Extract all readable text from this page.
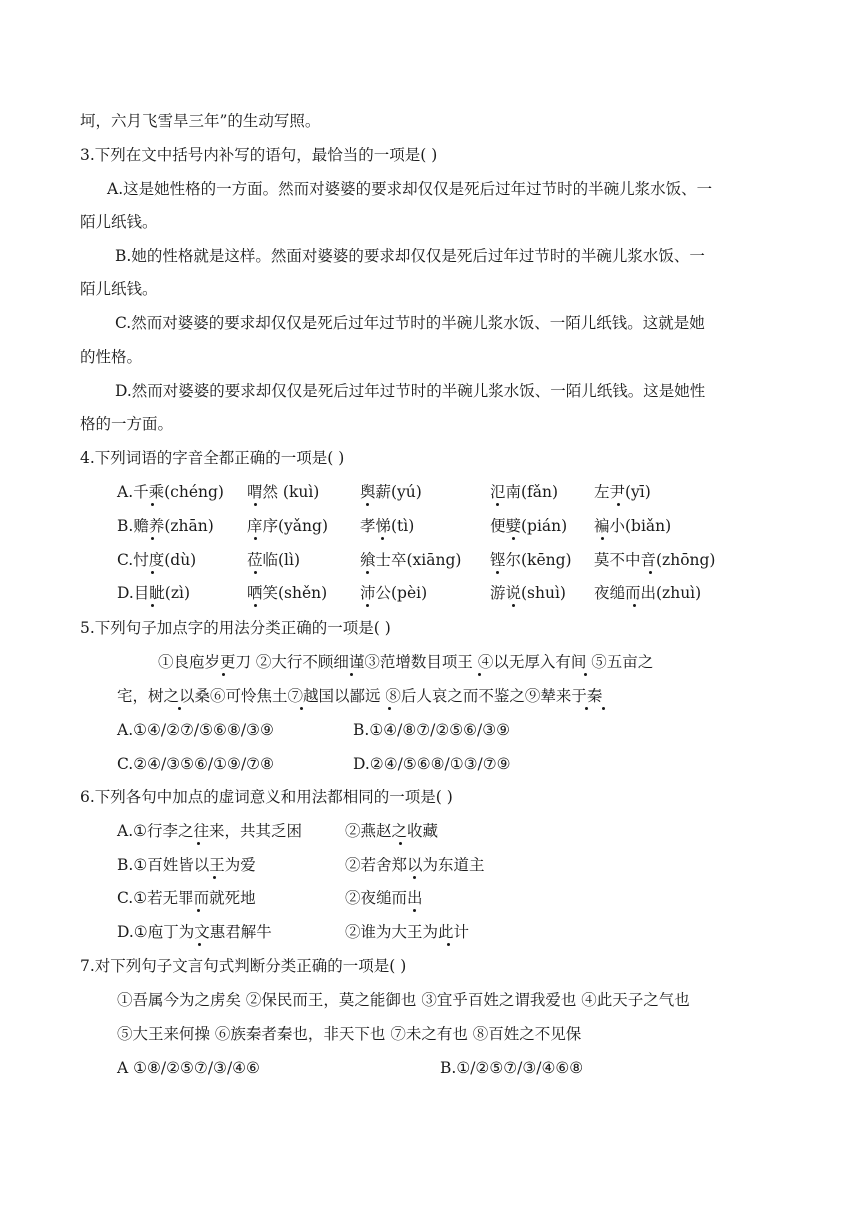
坷，六月飞雪旱三年”的生动写照。
3.下列在文中括号内补写的语句，最恰当的一项是( )
A.这是她性格的一方面。然而对婆婆的要求却仅仅是死后过年过节时的半碗儿浆水饭、一
陌儿纸钱。
B.她的性格就是这样。然面对婆婆的要求却仅仅是死后过年过节时的半碗儿浆水饭、一
陌儿纸钱。
C.然而对婆婆的要求却仅仅是死后过年过节时的半碗儿浆水饭、一陌儿纸钱。这就是她
的性格。
D.然而对婆婆的要求却仅仅是死后过年过节时的半碗儿浆水饭、一陌儿纸钱。这是她性
格的一方面。
4.下列词语的字音全都正确的一项是( )
A.千乘(chéng) 喟然 (kuì)	舆薪(yú)	氾南(fǎn) 左尹(yī)
B.赡养(zhān) 庠序(yǎng) 孝悌(tì)	便嬖(pián) 褊小(biǎn)
C.忖度(dù)	莅临(lì)	飨士卒(xiāng) 铿尔(kēng) 莫不中音(zhōng)
D.目眦(zì)	哂笑(shěn) 沛公(pèi)	游说(shuì) 夜缒而出(zhuì)
5.下列句子加点字的用法分类正确的一项是( )
①良庖岁更刀 ②大行不顾细谨③范增数目项王 ④以无厚入有间 ⑤五亩之
宅，树之以桑⑥可怜焦土⑦越国以鄙远 ⑧后人哀之而不鉴之⑨辇来于秦
A.①④/②⑦/⑤⑥⑧/③⑨	B.①④/⑧⑦/②⑤⑥/③⑨
C.②④/③⑤⑥/①⑨/⑦⑧	D.②④/⑤⑥⑧/①③/⑦⑨
6.下列各句中加点的虚词意义和用法都相同的一项是( )
A.①行李之往来，共其乏困	②燕赵之收藏
B.①百姓皆以王为爱	②若舍郑以为东道主
C.①若无罪而就死地	②夜缒而出
D.①庖丁为文惠君解牛	②谁为大王为此计
7.对下列句子文言句式判断分类正确的一项是( )
①吾属今为之虏矣 ②保民而王，莫之能御也 ③宜乎百姓之谓我爱也 ④此天子之气也
⑤大王来何操 ⑥族秦者秦也，非天下也 ⑦未之有也 ⑧百姓之不见保
A ①⑧/②⑤⑦/③/④⑥	B.①/②⑤⑦/③/④⑥⑧
